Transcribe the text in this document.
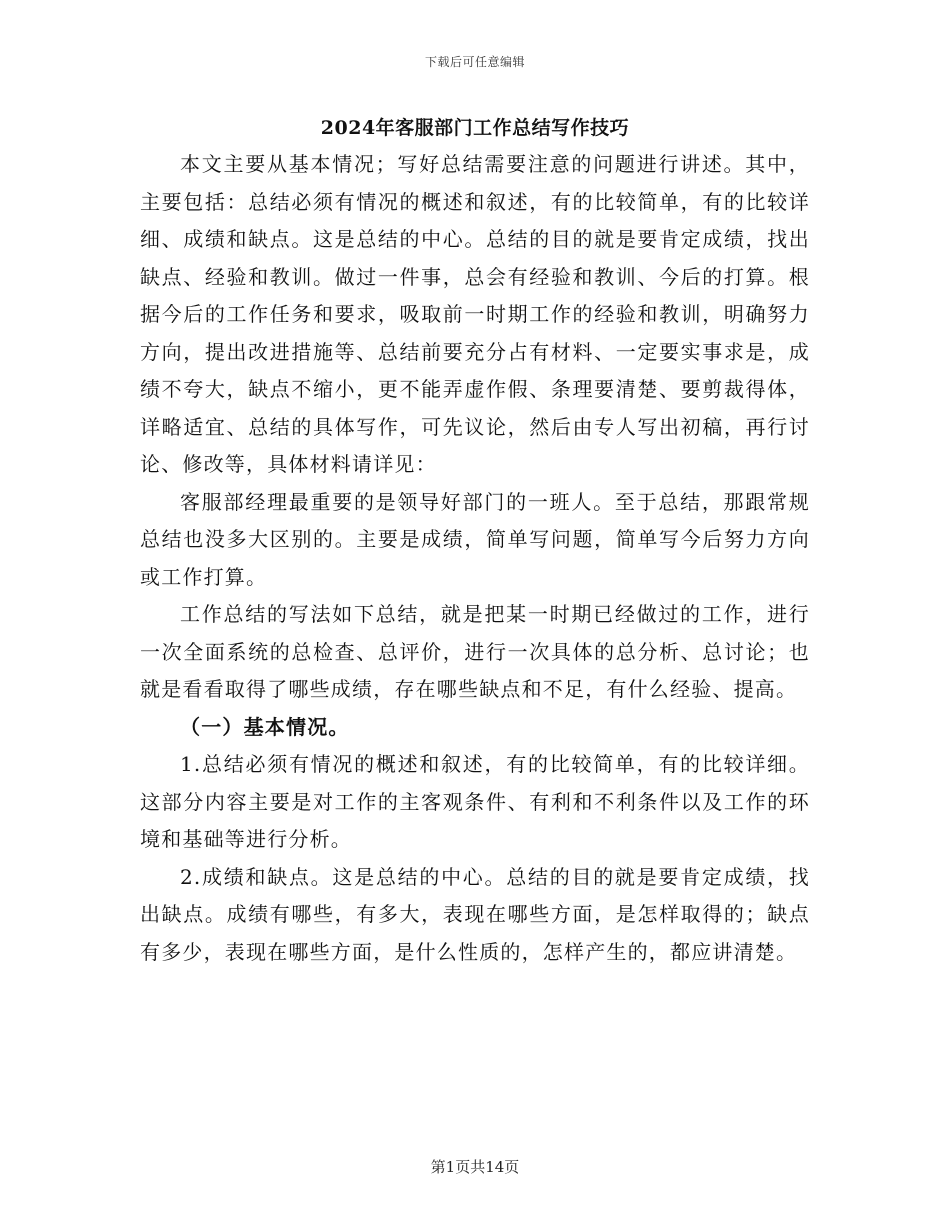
下载后可任意编辑
2024年客服部门工作总结写作技巧

本文主要从基本情况；写好总结需要注意的问题进行讲述。其中，主要包括：总结必须有情况的概述和叙述，有的比较简单，有的比较详细、成绩和缺点。这是总结的中心。总结的目的就是要肯定成绩，找出缺点、经验和教训。做过一件事，总会有经验和教训、今后的打算。根据今后的工作任务和要求，吸取前一时期工作的经验和教训，明确努力方向，提出改进措施等、总结前要充分占有材料、一定要实事求是，成绩不夸大，缺点不缩小，更不能弄虚作假、条理要清楚、要剪裁得体，详略适宜、总结的具体写作，可先议论，然后由专人写出初稿，再行讨论、修改等，具体材料请详见：

客服部经理最重要的是领导好部门的一班人。至于总结，那跟常规总结也没多大区别的。主要是成绩，简单写问题，简单写今后努力方向或工作打算。

工作总结的写法如下总结，就是把某一时期已经做过的工作，进行一次全面系统的总检查、总评价，进行一次具体的总分析、总讨论；也就是看看取得了哪些成绩，存在哪些缺点和不足，有什么经验、提高。

（一）基本情况。

1.总结必须有情况的概述和叙述，有的比较简单，有的比较详细。这部分内容主要是对工作的主客观条件、有利和不利条件以及工作的环境和基础等进行分析。

2.成绩和缺点。这是总结的中心。总结的目的就是要肯定成绩，找出缺点。成绩有哪些，有多大，表现在哪些方面，是怎样取得的；缺点有多少，表现在哪些方面，是什么性质的，怎样产生的，都应讲清楚。

第1页共14页
